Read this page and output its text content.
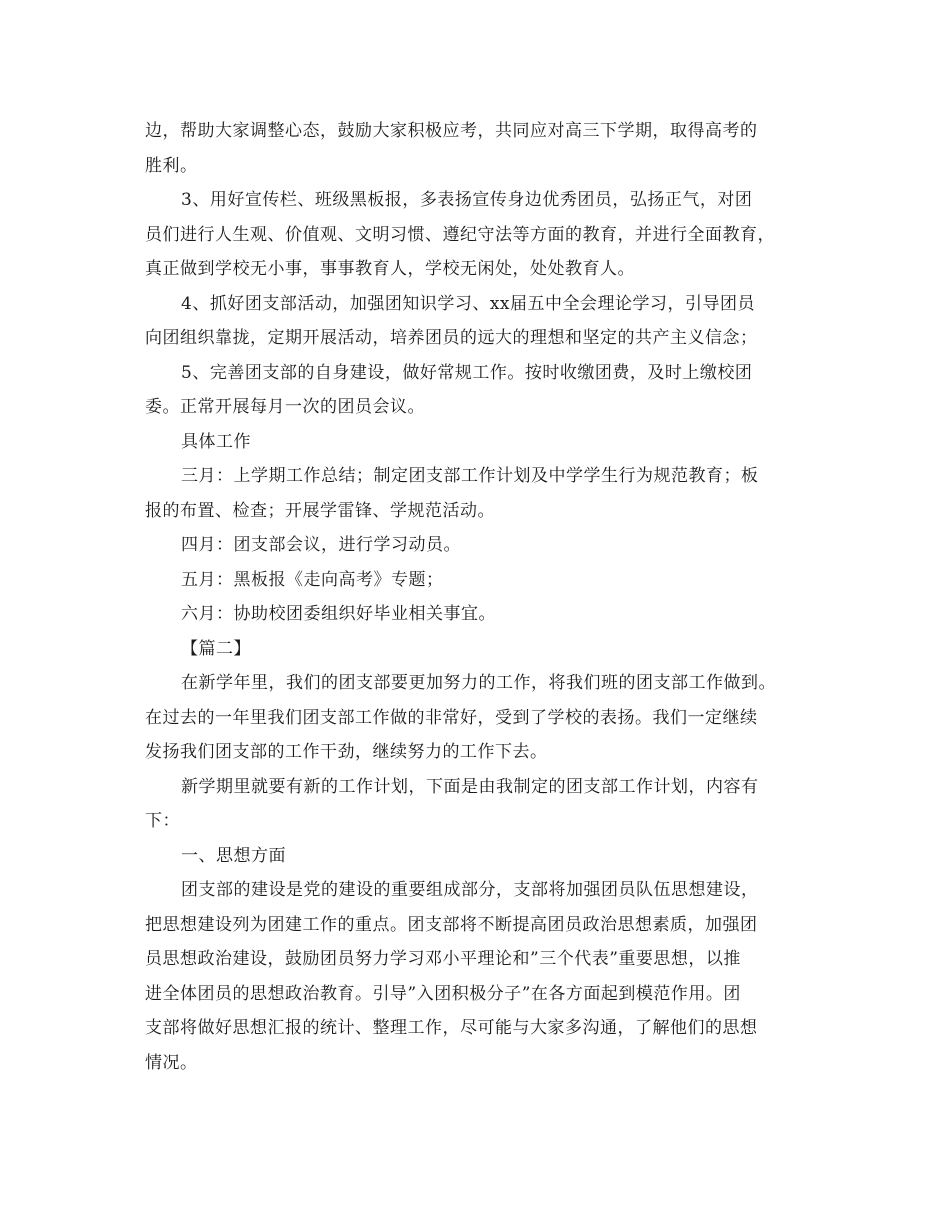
边，帮助大家调整心态，鼓励大家积极应考，共同应对高三下学期，取得高考的
胜利。
3、用好宣传栏、班级黑板报，多表扬宣传身边优秀团员，弘扬正气，对团
员们进行人生观、价值观、文明习惯、遵纪守法等方面的教育，并进行全面教育，
真正做到学校无小事，事事教育人，学校无闲处，处处教育人。
4、抓好团支部活动，加强团知识学习、xx届五中全会理论学习，引导团员
向团组织靠拢，定期开展活动，培养团员的远大的理想和坚定的共产主义信念；
5、完善团支部的自身建设，做好常规工作。按时收缴团费，及时上缴校团
委。正常开展每月一次的团员会议。
具体工作
三月：上学期工作总结；制定团支部工作计划及中学学生行为规范教育；板
报的布置、检查；开展学雷锋、学规范活动。
四月：团支部会议，进行学习动员。
五月：黑板报《走向高考》专题；
六月：协助校团委组织好毕业相关事宜。
【篇二】
在新学年里，我们的团支部要更加努力的工作，将我们班的团支部工作做到。
在过去的一年里我们团支部工作做的非常好，受到了学校的表扬。我们一定继续
发扬我们团支部的工作干劲，继续努力的工作下去。
新学期里就要有新的工作计划，下面是由我制定的团支部工作计划，内容有
下：
一、思想方面
团支部的建设是党的建设的重要组成部分，支部将加强团员队伍思想建设，
把思想建设列为团建工作的重点。团支部将不断提高团员政治思想素质，加强团
员思想政治建设，鼓励团员努力学习邓小平理论和”三个代表”重要思想，以推
进全体团员的思想政治教育。引导”入团积极分子”在各方面起到模范作用。团
支部将做好思想汇报的统计、整理工作，尽可能与大家多沟通，了解他们的思想
情况。
